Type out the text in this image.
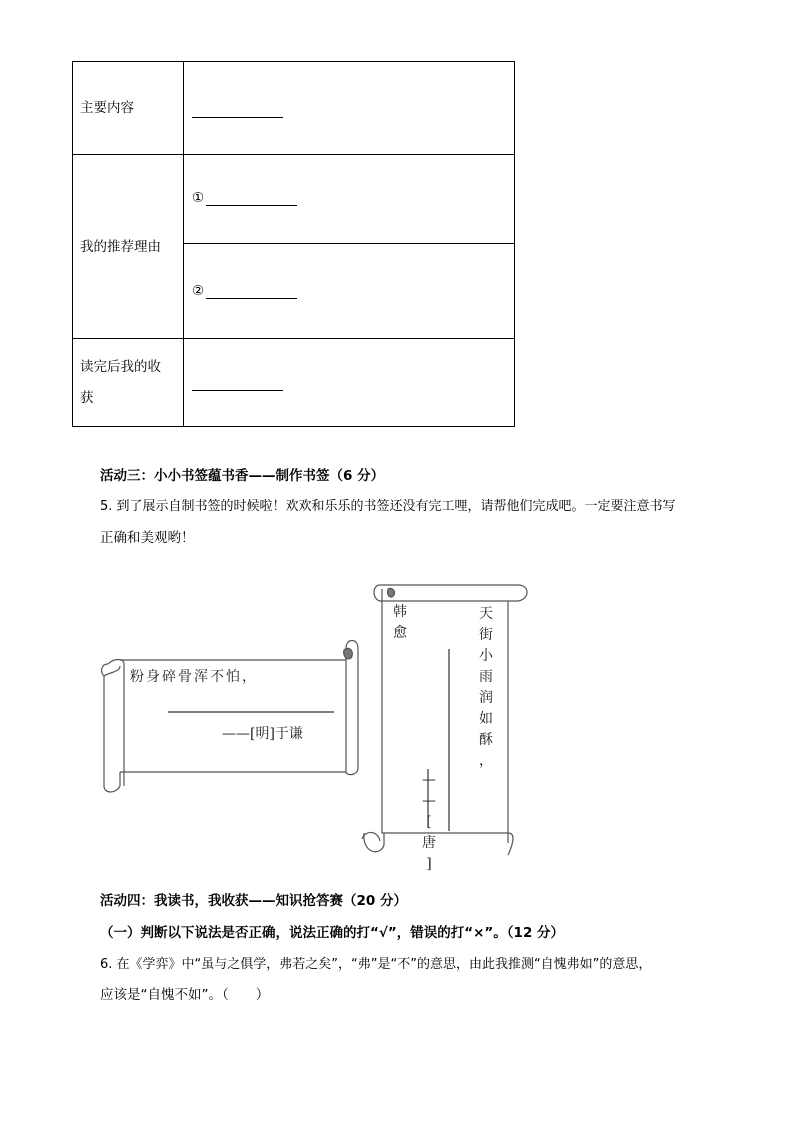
主要内容	

我的推荐理由	①

	②

读完后我的收获	

活动三：小小书签蕴书香——制作书签（6 分）
5. 到了展示自制书签的时候啦！欢欢和乐乐的书签还没有完工哩，请帮他们完成吧。一定要注意书写
正确和美观哟！
粉身碎骨浑不怕，
——[明]于谦
韩
愈
天
街
小
雨
润
如
酥
，
—
—
[
唐
]
活动四：我读书，我收获——知识抢答赛（20 分）
（一）判断以下说法是否正确，说法正确的打“√”，错误的打“×”。（12 分）
6. 在《学弈》中“虽与之俱学，弗若之矣”，“弗”是“不”的意思，由此我推测“自愧弗如”的意思，
应该是“自愧不如”。（　　）
